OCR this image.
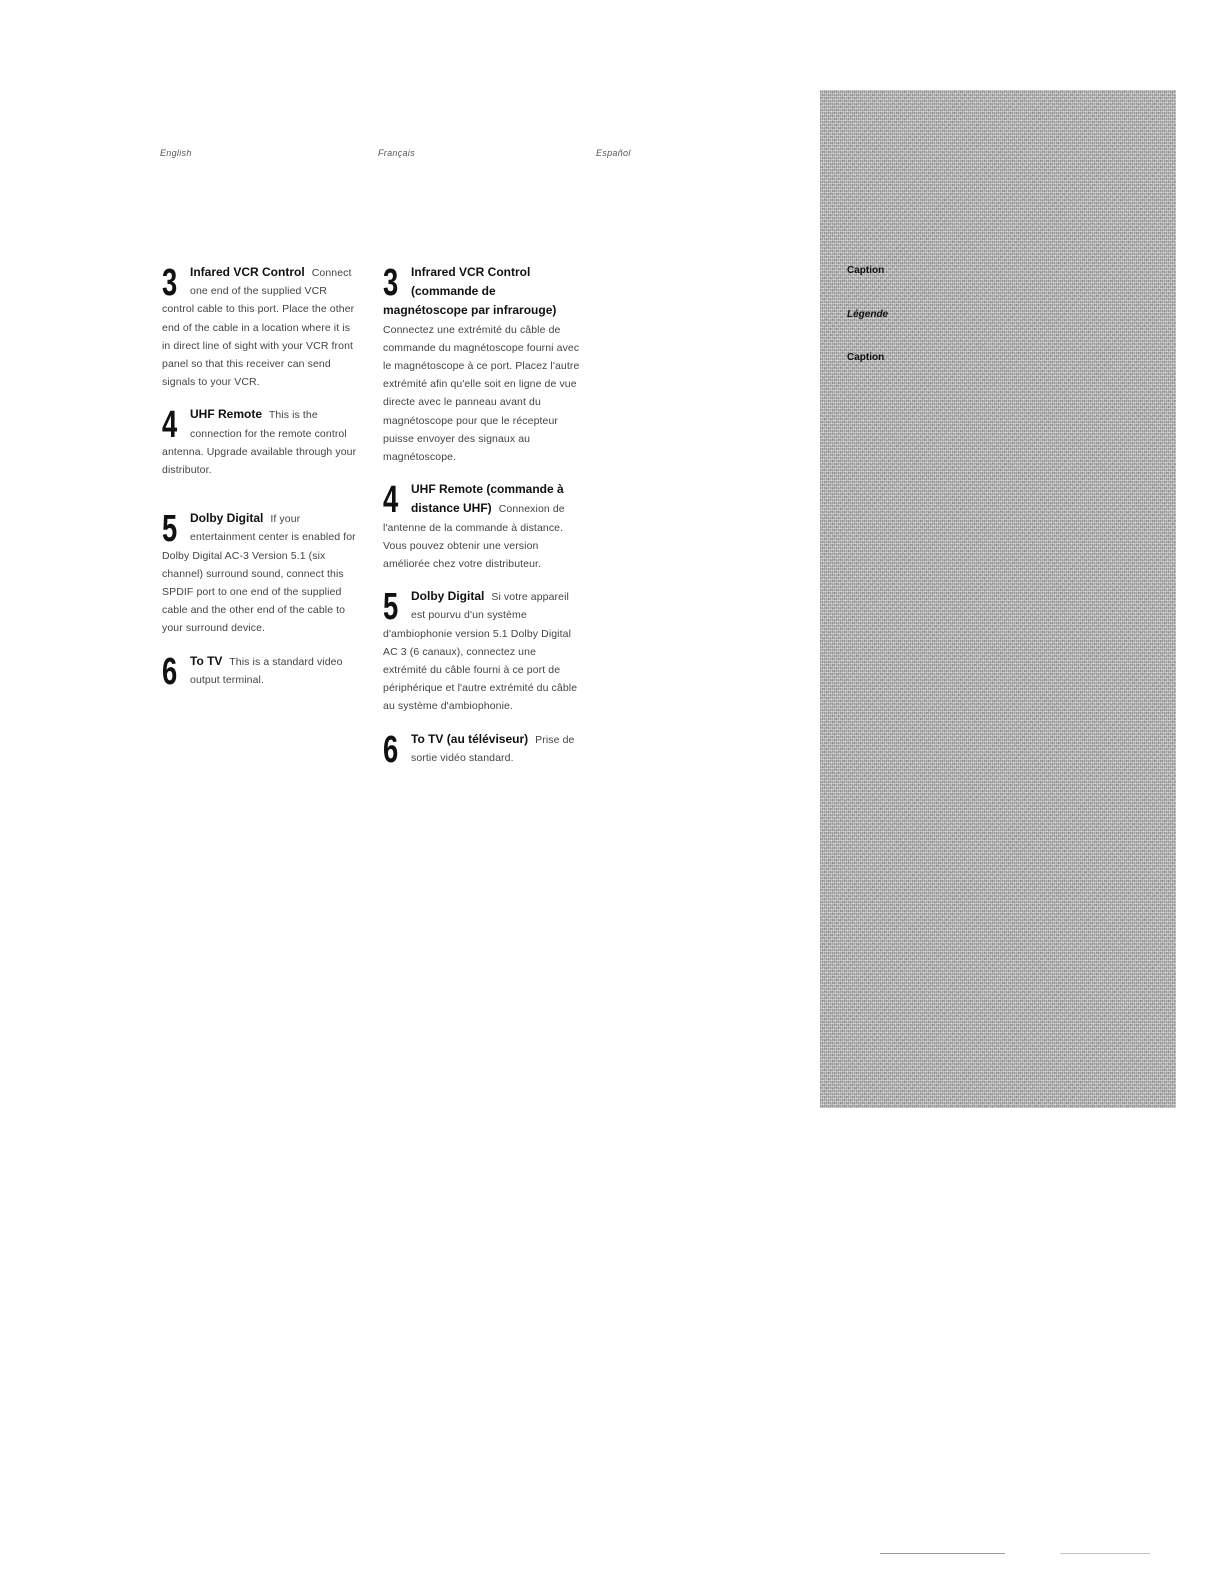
English	Français	Español
3 Infared VCR Control Connect one end of the supplied VCR control cable to this port. Place the other end of the cable in a location where it is in direct line of sight with your VCR front panel so that this receiver can send signals to your VCR.
4 UHF Remote This is the connection for the remote control antenna. Upgrade available through your distributor.
5 Dolby Digital If your entertainment center is enabled for Dolby Digital AC-3 Version 5.1 (six channel) surround sound, connect this SPDIF port to one end of the supplied cable and the other end of the cable to your surround device.
6 To TV This is a standard video output terminal.
3 Infrared VCR Control (commande de magnétoscope par infrarouge) Connectez une extrémité du câble de commande du magnétoscope fourni avec le magnétoscope à ce port. Placez l'autre extrémité afin qu'elle soit en ligne de vue directe avec le panneau avant du magnétoscope pour que le récepteur puisse envoyer des signaux au magnétoscope.
4 UHF Remote (commande à distance UHF) Connexion de l'antenne de la commande à distance. Vous pouvez obtenir une version améliorée chez votre distributeur.
5 Dolby Digital Si votre appareil est pourvu d'un système d'ambiophonie version 5.1 Dolby Digital AC 3 (6 canaux), connectez une extrémité du câble fourni à ce port de périphérique et l'autre extrémité du câble au système d'ambiophonie.
6 To TV (au téléviseur) Prise de sortie vidéo standard.
Caption
Légende
Caption
